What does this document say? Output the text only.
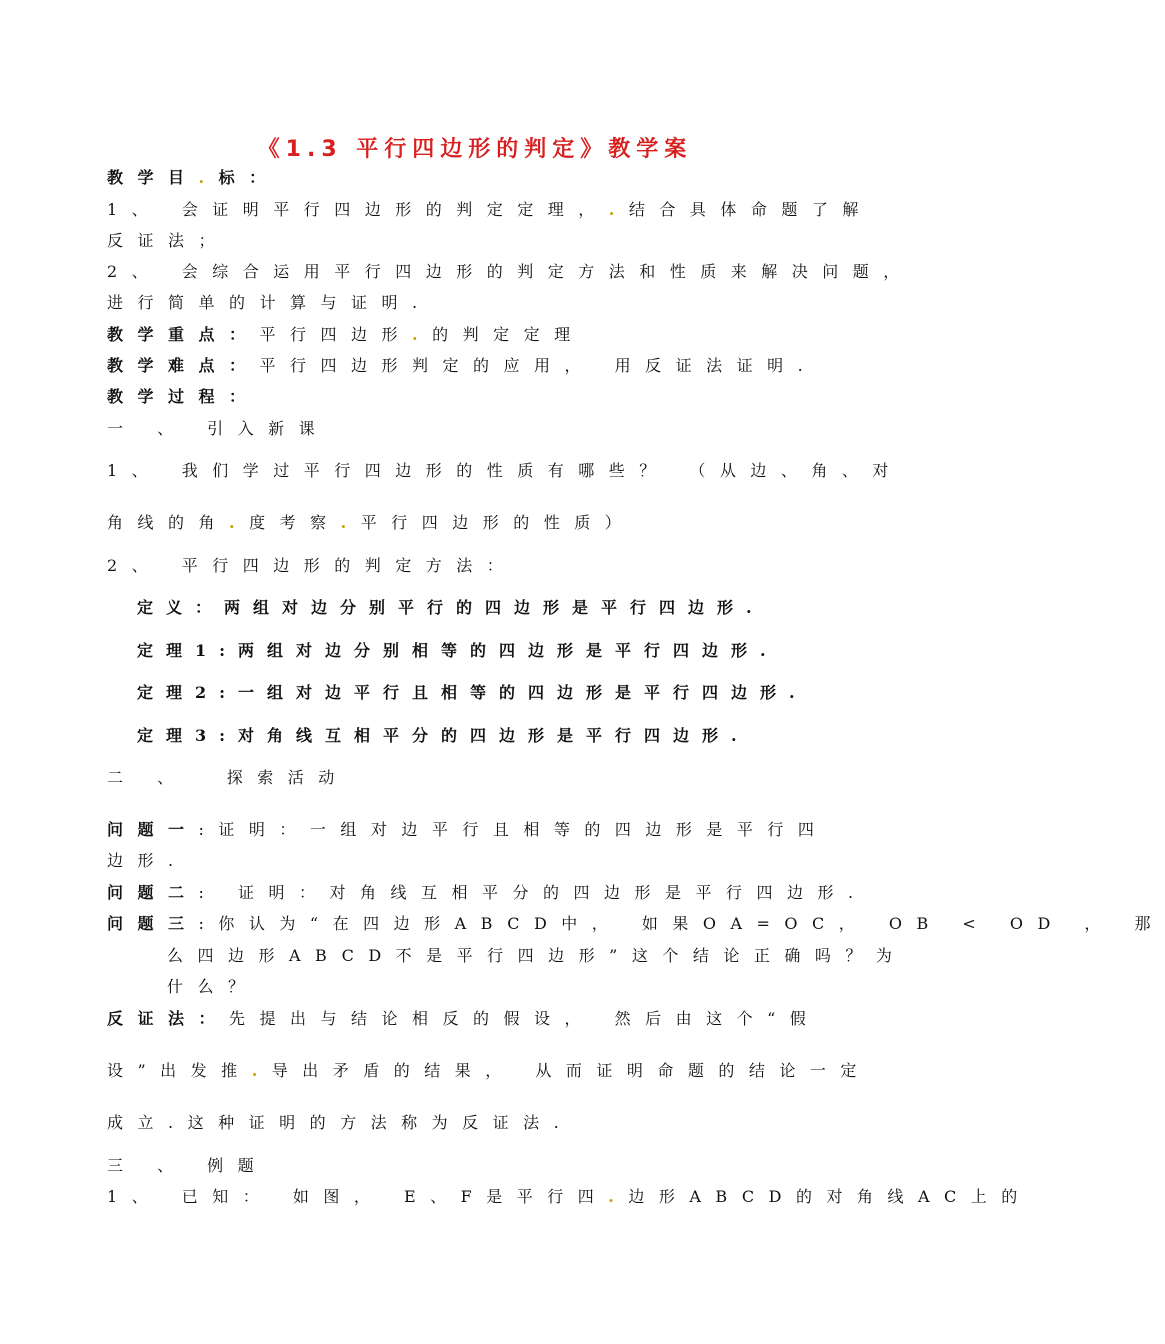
《1.3 平行四边形的判定》教学案
教学目.标：
1、 会证明平行四边形的判定定理，.结合具体命题了解
反证法；
2、 会综合运用平行四边形的判定方法和性质来解决问题，
进行简单的计算与证明.
教学重点：平行四边形.的判定定理
教学难点：平行四边形判定的应用， 用反证法证明.
教学过程：
一 、 引入新课
1、 我们学过平行四边形的性质有哪些？ （从边、角、对
角线的角.度考察.平行四边形的性质）
2、 平行四边形的判定方法：
定义：两组对边分别平行的四边形是平行四边形.
定理1:两组对边分别相等的四边形是平行四边形.
定理2:一组对边平行且相等的四边形是平行四边形.
定理3:对角线互相平分的四边形是平行四边形.
二 、  探索活动
问题一:证明：一组对边平行且相等的四边形是平行四
边形.
问题二: 证明：对角线互相平分的四边形是平行四边形.
问题三:你认为“在四边形ABCD中， 如果OA=OC， OB < OD ， 那
么四边形ABCD不是平行四边形”这个结论正确吗？为
什么？
反证法：先提出与结论相反的假设， 然后由这个“假
设”出发推.导出矛盾的结果， 从而证明命题的结论一定
成立.这种证明的方法称为反证法.
三 、 例题
1、 已知： 如图， E、F是平行四.边形ABCD的对角线AC上的
